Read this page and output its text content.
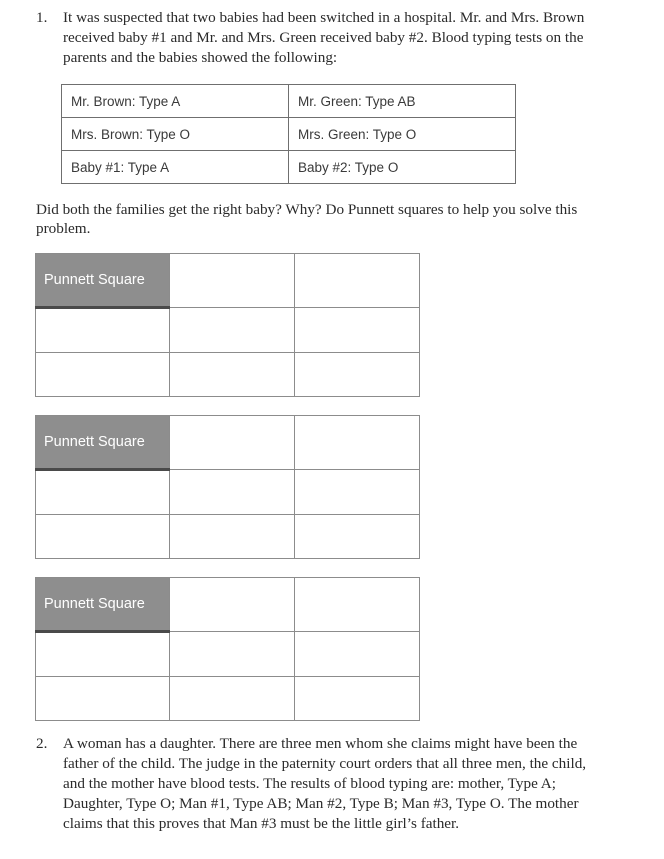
1. It was suspected that two babies had been switched in a hospital. Mr. and Mrs. Brown received baby #1 and Mr. and Mrs. Green received baby #2. Blood typing tests on the parents and the babies showed the following:
Mr. Brown: Type A	Mr. Green: Type AB
Mrs. Brown: Type O	Mrs. Green: Type O
Baby #1: Type A	Baby #2: Type O
Did both the families get the right baby? Why? Do Punnett squares to help you solve this problem.
Punnett Square		

Punnett Square		

Punnett Square		

2. A woman has a daughter. There are three men whom she claims might have been the father of the child. The judge in the paternity court orders that all three men, the child, and the mother have blood tests. The results of blood typing are: mother, Type A; Daughter, Type O; Man #1, Type AB; Man #2, Type B; Man #3, Type O. The mother claims that this proves that Man #3 must be the little girl’s father.
